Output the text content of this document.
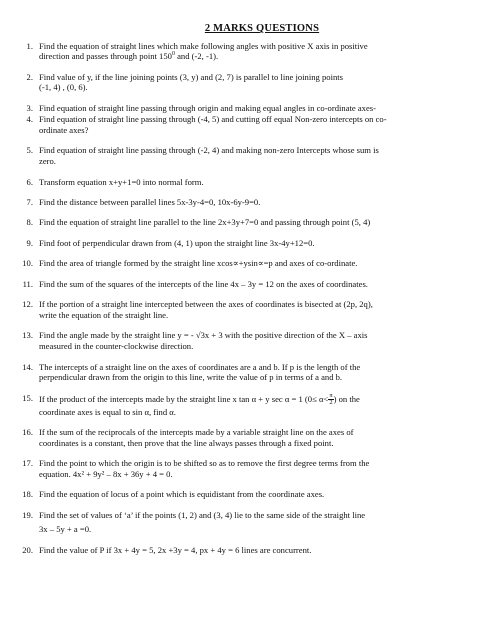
2 MARKS QUESTIONS
1. Find the equation of straight lines which make following angles with positive X axis in positive
direction and passes through point $150^0$ and (-2, -1).
2. Find value of y, if the line joining points (3, y) and (2, 7) is parallel to line joining points
(-1, 4) , (0, 6).
3. Find equation of straight line passing through origin and making equal angles in co-ordinate axes-
4. Find equation of straight line passing through (-4, 5) and cutting off equal Non-zero intercepts on co-
ordinate axes?
5. Find equation of straight line passing through (-2, 4) and making non-zero Intercepts whose sum is
zero.
6. Transform equation x+y+1=0 into normal form.
7. Find the distance between parallel lines 5x-3y-4=0, 10x-6y-9=0.
8. Find the equation of straight line parallel to the line 2x+3y+7=0 and passing through point (5, 4)
9. Find foot of perpendicular drawn from (4, 1) upon the straight line 3x-4y+12=0.
10. Find the area of triangle formed by the straight line xcos∝+ysin∝=p and axes of co-ordinate.
11. Find the sum of the squares of the intercepts of the line 4x – 3y = 12 on the axes of coordinates.
12. If the portion of a straight line intercepted between the axes of coordinates is bisected at (2p, 2q),
write the equation of the straight line.
13. Find the angle made by the straight line y = - √3x + 3 with the positive direction of the X – axis
measured in the counter-clockwise direction.
14. The intercepts of a straight line on the axes of coordinates are a and b. If p is the length of the
perpendicular drawn from the origin to this line, write the value of p in terms of a and b.
15. If the product of the intercepts made by the straight line x tan α + y sec α = 1 ($0\le \alpha< \frac{\pi}{2}$ ) on the
coordinate axes is equal to sin α, find α.
16. If the sum of the reciprocals of the intercepts made by a variable straight line on the axes of
coordinates is a constant, then prove that the line always passes through a fixed point.
17. Find the point to which the origin is to be shifted so as to remove the first degree terms from the
equation. 4x² + 9y² – 8x + 36y + 4 = 0.
18. Find the equation of locus of a point which is equidistant from the coordinate axes.
19. Find the set of values of ‘a’ if the points (1, 2) and (3, 4) lie to the same side of the straight line
3x – 5y + a =0.
20. Find the value of P if 3x + 4y = 5, 2x +3y = 4, px + 4y = 6 lines are concurrent.
